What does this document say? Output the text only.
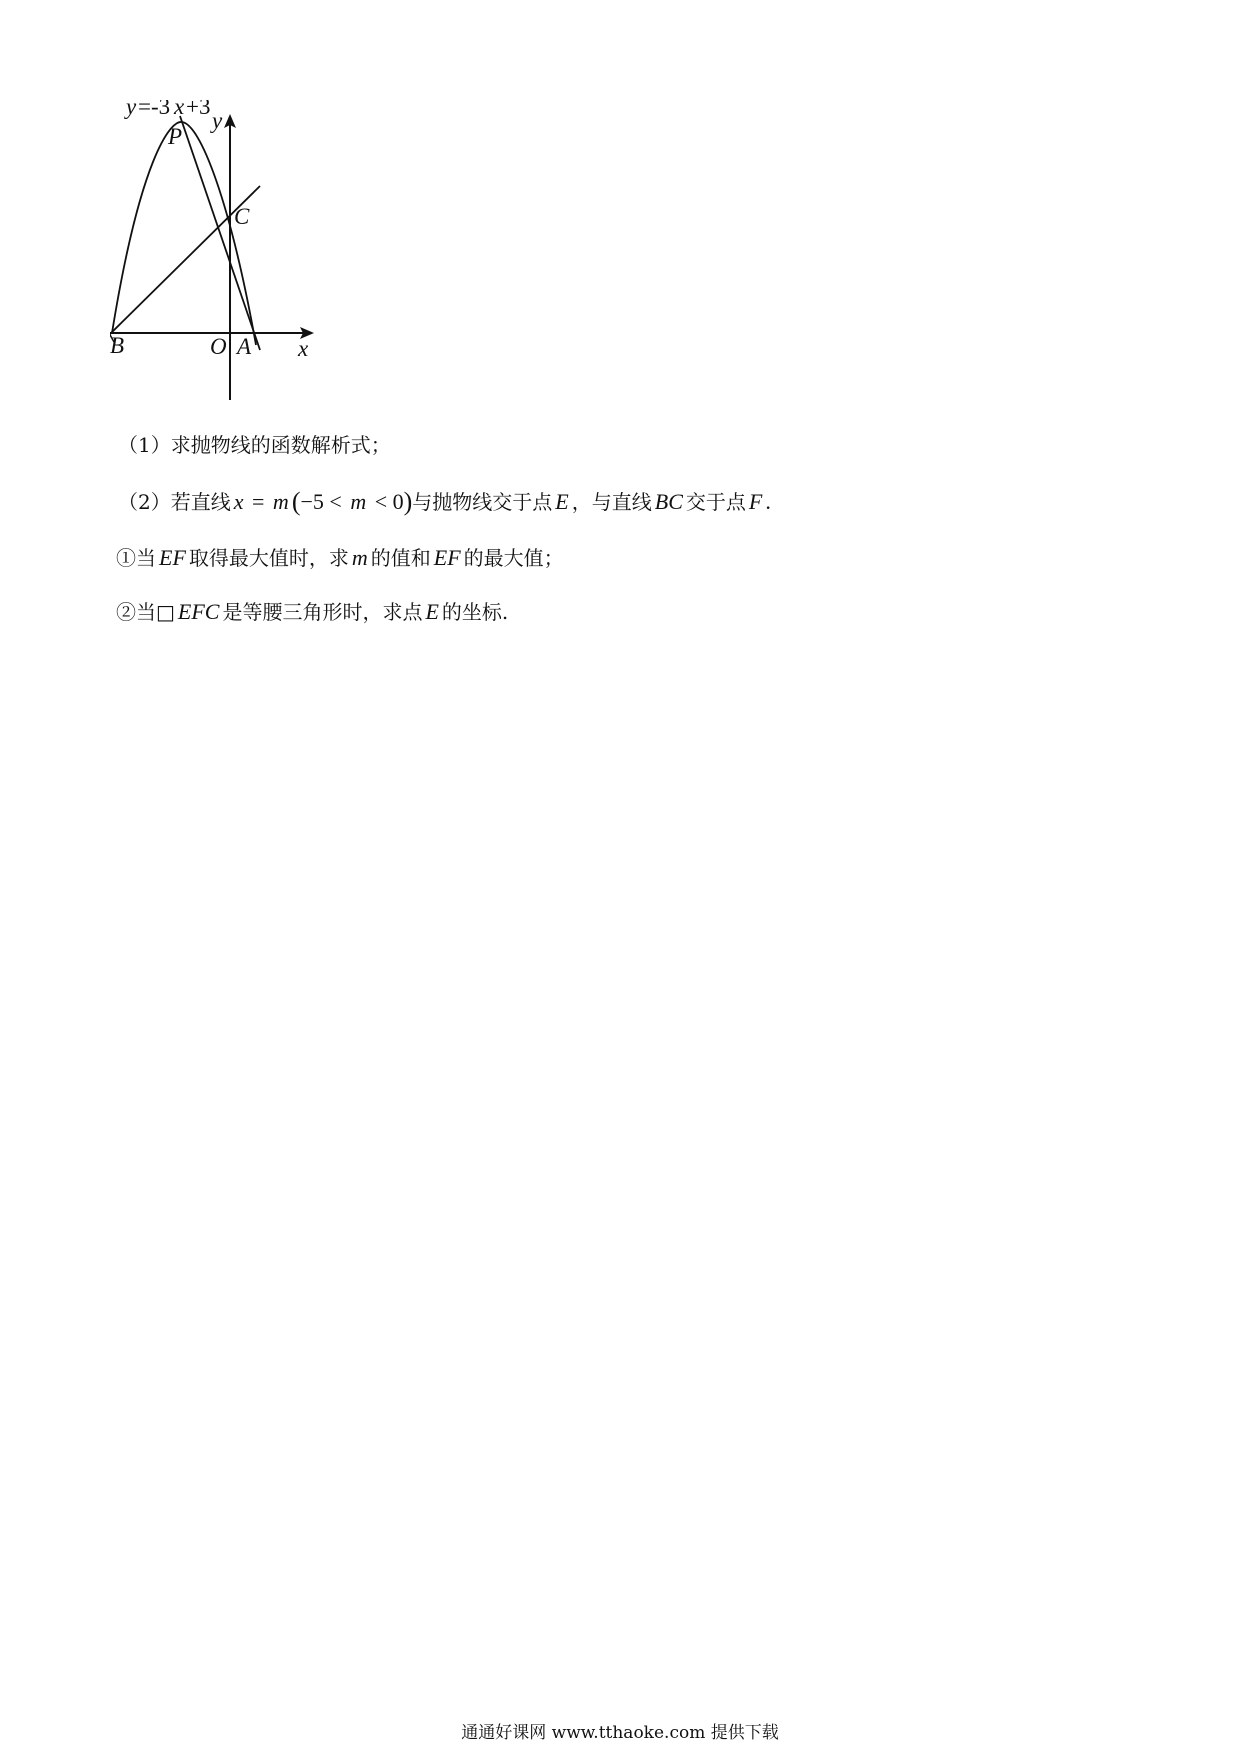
y =-3 x +3
y
P
C
B	O A x
（1）求抛物线的函数解析式；
（2）若直线 x = m (−5 < m < 0)与抛物线交于点 E ，与直线 BC 交于点 F .
①当 EF 取得最大值时，求 m 的值和 EF 的最大值；
②当□ EFC 是等腰三角形时，求点 E 的坐标.
通通好课网 www.tthaoke.com 提供下载
